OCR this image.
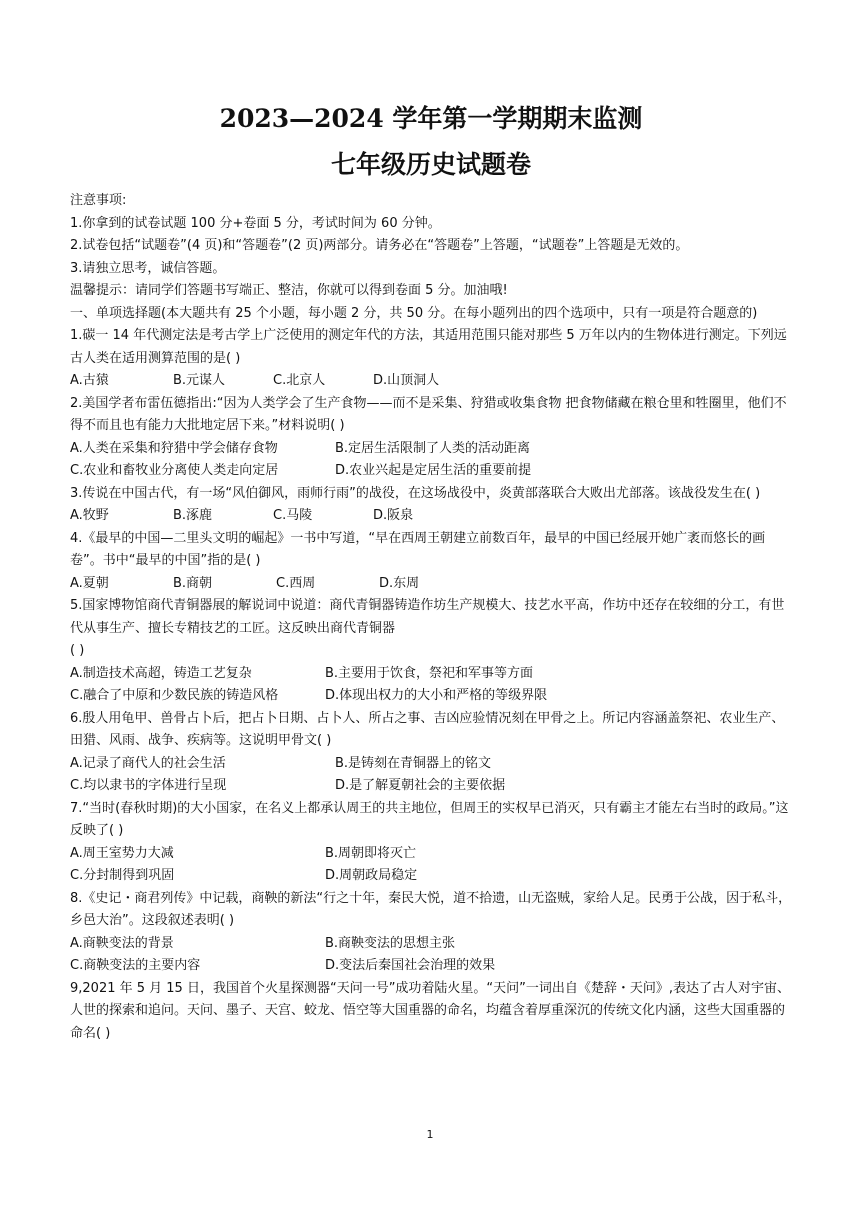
2023—2024 学年第一学期期末监测
七年级历史试题卷

注意事项:

1.你拿到的试卷试题 100 分+卷面 5 分，考试时间为 60 分钟。

2.试卷包括“试题卷”(4 页)和“答题卷”(2 页)两部分。请务必在“答题卷”上答题，“试题卷”上答题是无效的。

3.请独立思考，诚信答题。

温馨提示：请同学们答题书写端正、整洁，你就可以得到卷面 5 分。加油哦!

一、单项选择题(本大题共有 25 个小题，每小题 2 分，共 50 分。在每小题列出的四个选项中，只有一项是符合题意的)

1.碳一 14 年代测定法是考古学上广泛使用的测定年代的方法，其适用范围只能对那些 5 万年以内的生物体进行测定。下列远古人类在适用测算范围的是( )

A.古猿	B.元谋人	C.北京人	D.山顶洞人

2.美国学者布雷伍德指出:“因为人类学会了生产食物——而不是采集、狩猎或收集食物 把食物储藏在粮仓里和牲圈里，他们不得不而且也有能力大批地定居下来。”材料说明( )

A.人类在采集和狩猎中学会储存食物	B.定居生活限制了人类的活动距离
C.农业和畜牧业分离使人类走向定居	D.农业兴起是定居生活的重要前提

3.传说在中国古代，有一场“风伯御风，雨师行雨”的战役，在这场战役中，炎黄部落联合大败出尤部落。该战役发生在( )

A.牧野	B.涿鹿	C.马陵	D.阪泉

4.《最早的中国—二里头文明的崛起》一书中写道，“早在西周王朝建立前数百年，最早的中国已经展开她广袤而悠长的画卷”。书中“最早的中国”指的是( )

A.夏朝	B.商朝	C.西周	D.东周

5.国家博物馆商代青铜器展的解说词中说道：商代青铜器铸造作坊生产规模大、技艺水平高，作坊中还存在较细的分工，有世代从事生产、擅长专精技艺的工匠。这反映出商代青铜器

( )

A.制造技术高超，铸造工艺复杂	B.主要用于饮食，祭祀和军事等方面
C.融合了中原和少数民族的铸造风格	D.体现出权力的大小和严格的等级界限

6.殷人用龟甲、兽骨占卜后，把占卜日期、占卜人、所占之事、吉凶应验情况刻在甲骨之上。所记内容涵盖祭祀、农业生产、田猎、风雨、战争、疾病等。这说明甲骨文( )

A.记录了商代人的社会生活	B.是铸刻在青铜器上的铭文
C.均以隶书的字体进行呈现	D.是了解夏朝社会的主要依据

7.“当时(春秋时期)的大小国家，在名义上都承认周王的共主地位，但周王的实权早已消灭，只有霸主才能左右当时的政局。”这反映了( )

A.周王室势力大减	B.周朝即将灭亡
C.分封制得到巩固	D.周朝政局稳定

8.《史记・商君列传》中记载，商鞅的新法“行之十年，秦民大悦，道不拾遗，山无盗贼，家给人足。民勇于公战，因于私斗，乡邑大治”。这段叙述表明( )

A.商鞅变法的背景	B.商鞅变法的思想主张
C.商鞅变法的主要内容	D.变法后秦国社会治理的效果

9,2021 年 5 月 15 日，我国首个火星探测器“天问一号”成功着陆火星。“天问”一词出自《楚辞・天问》,表达了古人对宇宙、人世的探索和追问。天问、墨子、天宫、蛟龙、悟空等大国重器的命名，均蕴含着厚重深沉的传统文化内涵，这些大国重器的命名( )

1
